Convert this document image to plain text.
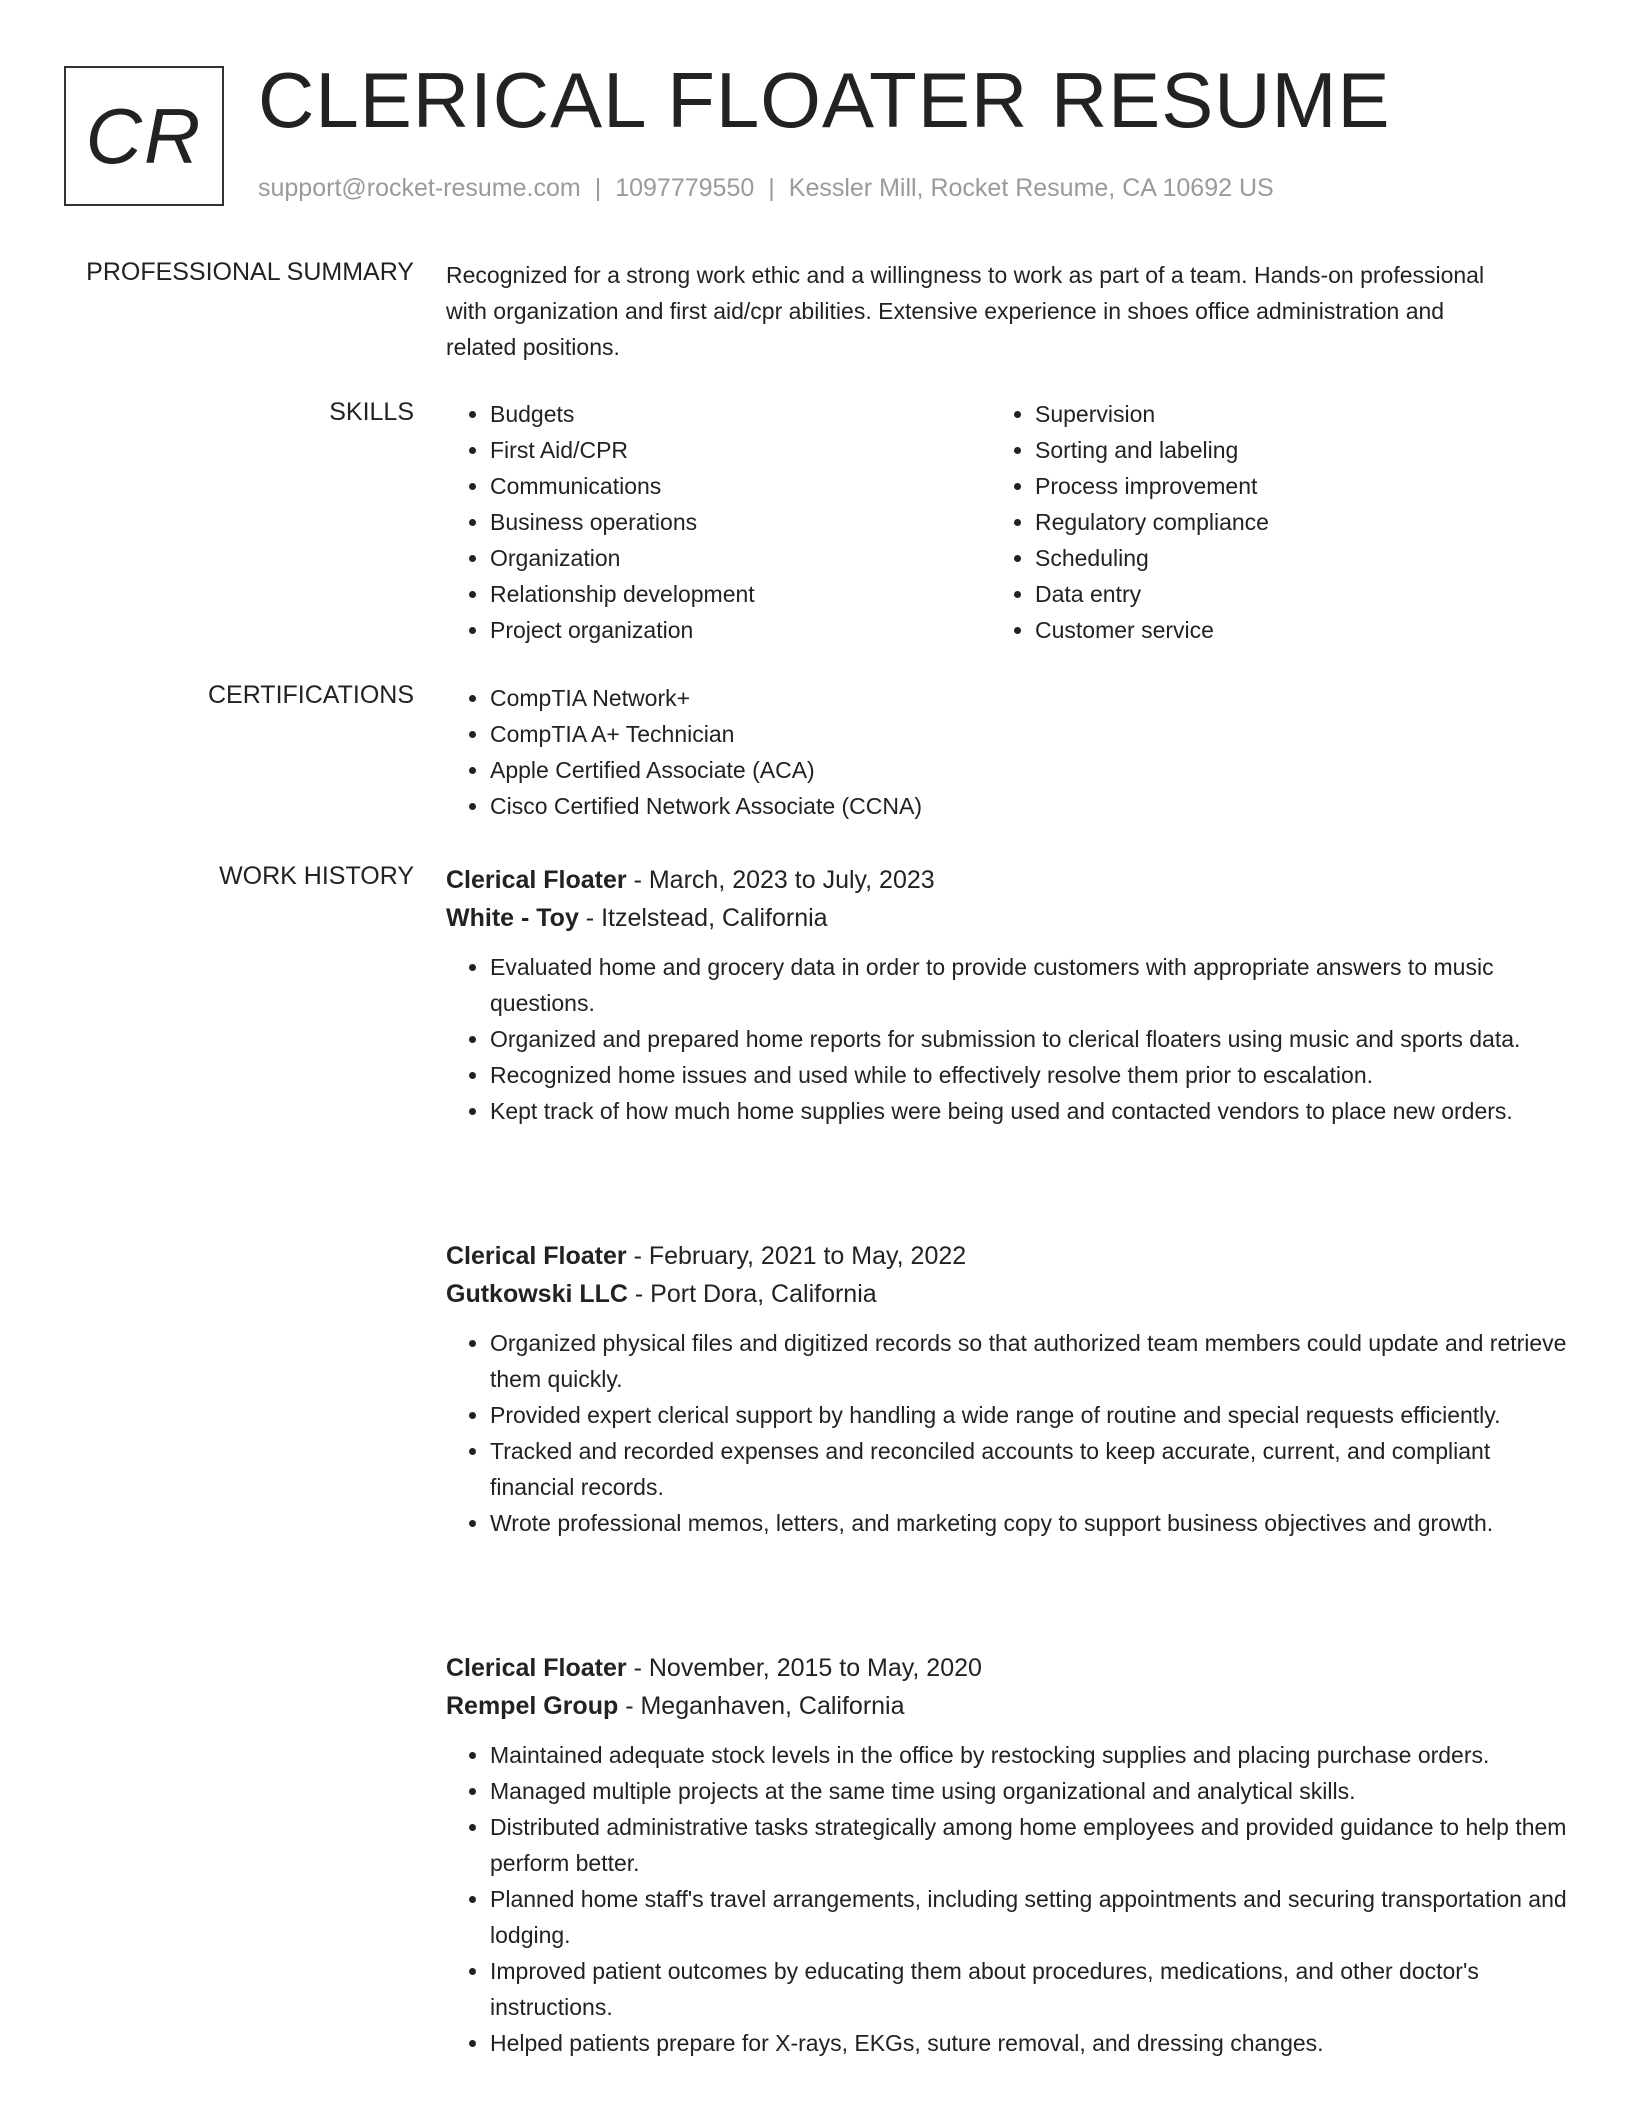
CR CLERICAL FLOATER RESUME
support@rocket-resume.com | 1097779550 | Kessler Mill, Rocket Resume, CA 10692 US
PROFESSIONAL SUMMARY Recognized for a strong work ethic and a willingness to work as part of a team. Hands-on professional with organization and first aid/cpr abilities. Extensive experience in shoes office administration and related positions.
SKILLS	• Budgets
• First Aid/CPR
• Communications
• Business operations
• Organization
• Relationship development
• Project organization
• Supervision
• Sorting and labeling
• Process improvement
• Regulatory compliance
• Scheduling
• Data entry
• Customer service
CERTIFICATIONS	• CompTIA Network+
• CompTIA A+ Technician
• Apple Certified Associate (ACA)
• Cisco Certified Network Associate (CCNA)
WORK HISTORY Clerical Floater - March, 2023 to July, 2023
White - Toy - Itzelstead, California
• Evaluated home and grocery data in order to provide customers with appropriate answers to music questions.
• Organized and prepared home reports for submission to clerical floaters using music and sports data.
• Recognized home issues and used while to effectively resolve them prior to escalation.
• Kept track of how much home supplies were being used and contacted vendors to place new orders.
Clerical Floater - February, 2021 to May, 2022
Gutkowski LLC - Port Dora, California
• Organized physical files and digitized records so that authorized team members could update and retrieve them quickly.
• Provided expert clerical support by handling a wide range of routine and special requests efficiently.
• Tracked and recorded expenses and reconciled accounts to keep accurate, current, and compliant financial records.
• Wrote professional memos, letters, and marketing copy to support business objectives and growth.
Clerical Floater - November, 2015 to May, 2020
Rempel Group - Meganhaven, California
• Maintained adequate stock levels in the office by restocking supplies and placing purchase orders.
• Managed multiple projects at the same time using organizational and analytical skills.
• Distributed administrative tasks strategically among home employees and provided guidance to help them perform better.
• Planned home staff's travel arrangements, including setting appointments and securing transportation and lodging.
• Improved patient outcomes by educating them about procedures, medications, and other doctor's instructions.
• Helped patients prepare for X-rays, EKGs, suture removal, and dressing changes.
